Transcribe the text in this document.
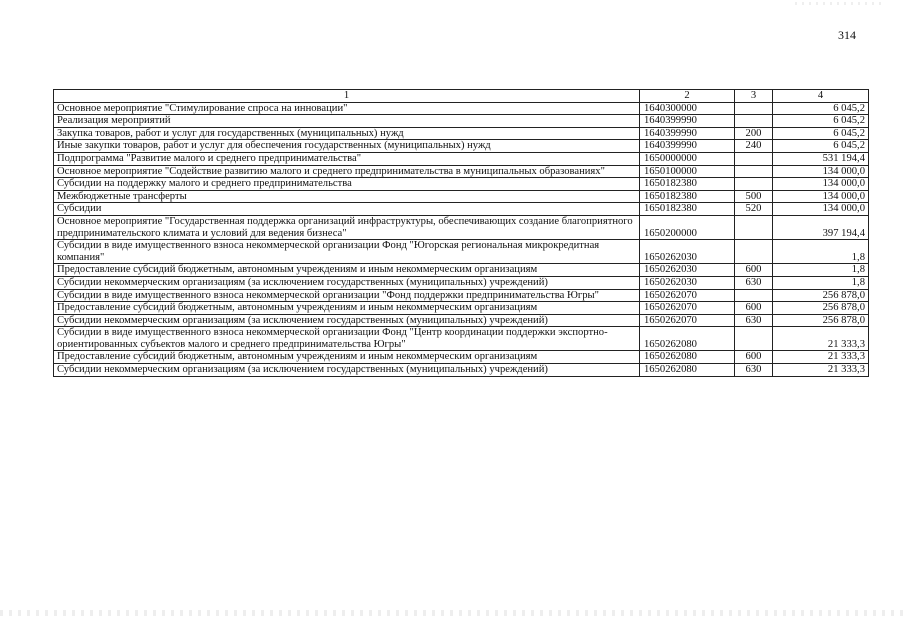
314
1	2	3	4
Основное мероприятие "Стимулирование спроса на инновации"	1640300000		6 045,2
Реализация мероприятий	1640399990		6 045,2
Закупка товаров, работ и услуг для государственных (муниципальных) нужд	1640399990	200	6 045,2
Иные закупки товаров, работ и услуг для обеспечения государственных (муниципальных) нужд	1640399990	240	6 045,2
Подпрограмма "Развитие малого и среднего предпринимательства"	1650000000		531 194,4
Основное мероприятие "Содействие развитию малого и среднего предпринимательства в муниципальных образованиях"	1650100000		134 000,0
Субсидии на поддержку малого и среднего предпринимательства	1650182380		134 000,0
Межбюджетные трансферты	1650182380	500	134 000,0
Субсидии	1650182380	520	134 000,0
Основное мероприятие "Государственная поддержка организаций инфраструктуры, обеспечивающих создание благоприятного предпринимательского климата и условий для ведения бизнеса"	1650200000		397 194,4
Субсидии в виде имущественного взноса некоммерческой организации Фонд "Югорская региональная микрокредитная компания"	1650262030		1,8
Предоставление субсидий бюджетным, автономным учреждениям и иным некоммерческим организациям	1650262030	600	1,8
Субсидии некоммерческим организациям (за исключением государственных (муниципальных) учреждений)	1650262030	630	1,8
Субсидии в виде имущественного взноса некоммерческой организации "Фонд поддержки предпринимательства Югры"	1650262070		256 878,0
Предоставление субсидий бюджетным, автономным учреждениям и иным некоммерческим организациям	1650262070	600	256 878,0
Субсидии некоммерческим организациям (за исключением государственных (муниципальных) учреждений)	1650262070	630	256 878,0
Субсидии в виде имущественного взноса некоммерческой организации Фонд "Центр координации поддержки экспортно-ориентированных субъектов малого и среднего предпринимательства Югры"	1650262080		21 333,3
Предоставление субсидий бюджетным, автономным учреждениям и иным некоммерческим организациям	1650262080	600	21 333,3
Субсидии некоммерческим организациям (за исключением государственных (муниципальных) учреждений)	1650262080	630	21 333,3
